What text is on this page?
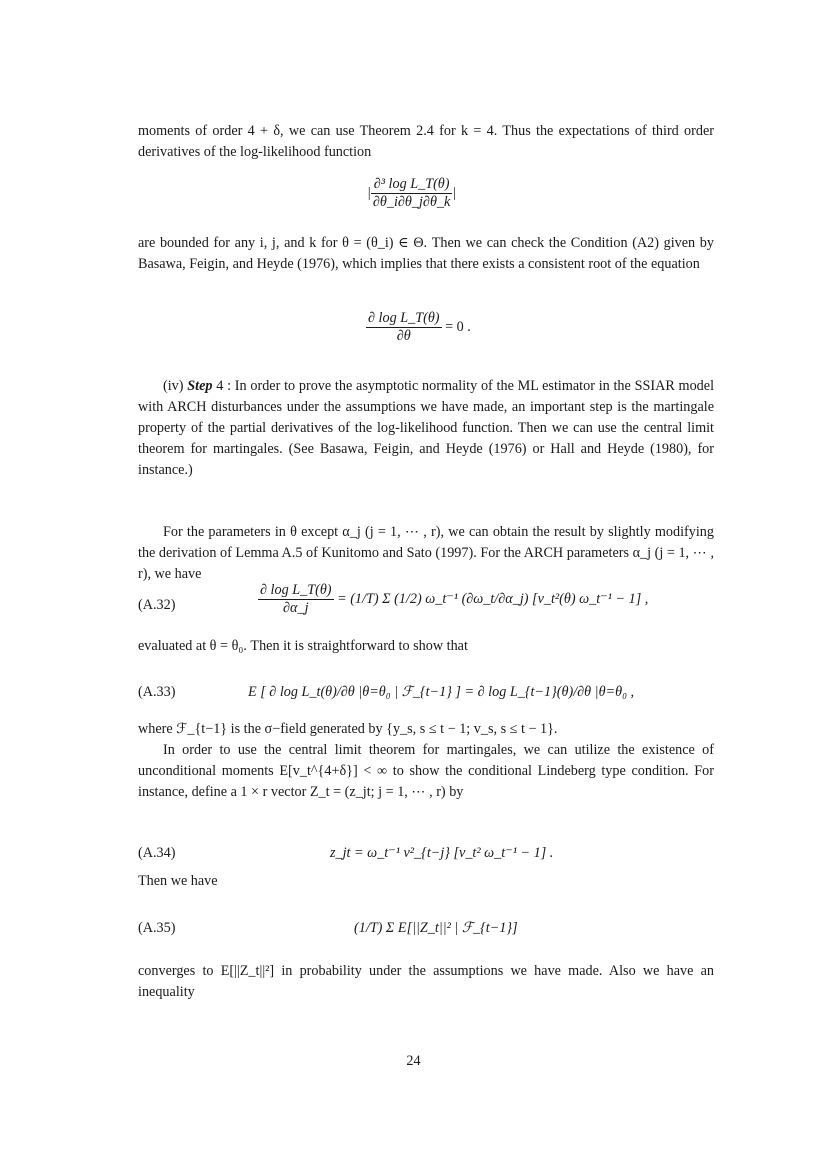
moments of order 4 + δ, we can use Theorem 2.4 for k = 4. Thus the expectations of third order derivatives of the log-likelihood function

| $\frac{\text{∂³ log L\_T(θ)}}{\partial\theta\_i\partial\theta\_j\partial\theta\_k}$ |

are bounded for any i, j, and k for θ = (θ_i) ∈ Θ. Then we can check the Condition (A2) given by Basawa, Feigin, and Heyde (1976), which implies that there exists a consistent root of the equation

$\frac{\text{∂ log L\_T(θ)}}{\partial\theta} = 0$ .

(iv) Step 4 : In order to prove the asymptotic normality of the ML estimator in the SSIAR model with ARCH disturbances under the assumptions we have made, an important step is the martingale property of the partial derivatives of the log-likelihood function. Then we can use the central limit theorem for martingales. (See Basawa, Feigin, and Heyde (1976) or Hall and Heyde (1980), for instance.)

For the parameters in θ except α_j (j = 1, ⋯ , r), we can obtain the result by slightly modifying the derivation of Lemma A.5 of Kunitomo and Sato (1997). For the ARCH parameters α_j (j = 1, ⋯ , r), we have

(A.32)	$\frac{\text{∂ log L\_T(θ)}}{\partial\alpha\_j} = (1/T)$ Σ (1/2) ω_t⁻¹ (∂ω_t/∂α_j) [v_t²(θ) ω_t⁻¹ − 1] ,

evaluated at θ = θ₀. Then it is straightforward to show that

(A.33)	E [ ∂ log L_t(θ)/∂θ |θ=θ₀ | ℱ_{t−1} ] = ∂ log L_{t−1}(θ)/∂θ |θ=θ₀ ,

where ℱ_{t−1} is the σ−field generated by {y_s, s ≤ t − 1; v_s, s ≤ t − 1}.

In order to use the central limit theorem for martingales, we can utilize the existence of unconditional moments E[v_t^{4+δ}] < ∞ to show the conditional Lindeberg type condition. For instance, define a 1 × r vector Z_t = (z_jt; j = 1, ⋯ , r) by

(A.34)	z_jt = ω_t⁻¹ v²_{t−j} [v_t² ω_t⁻¹ − 1] .

Then we have

(A.35)	(1/T) Σ E[||Z_t||² | ℱ_{t−1}]

converges to E[||Z_t||²] in probability under the assumptions we have made. Also we have an inequality

24
